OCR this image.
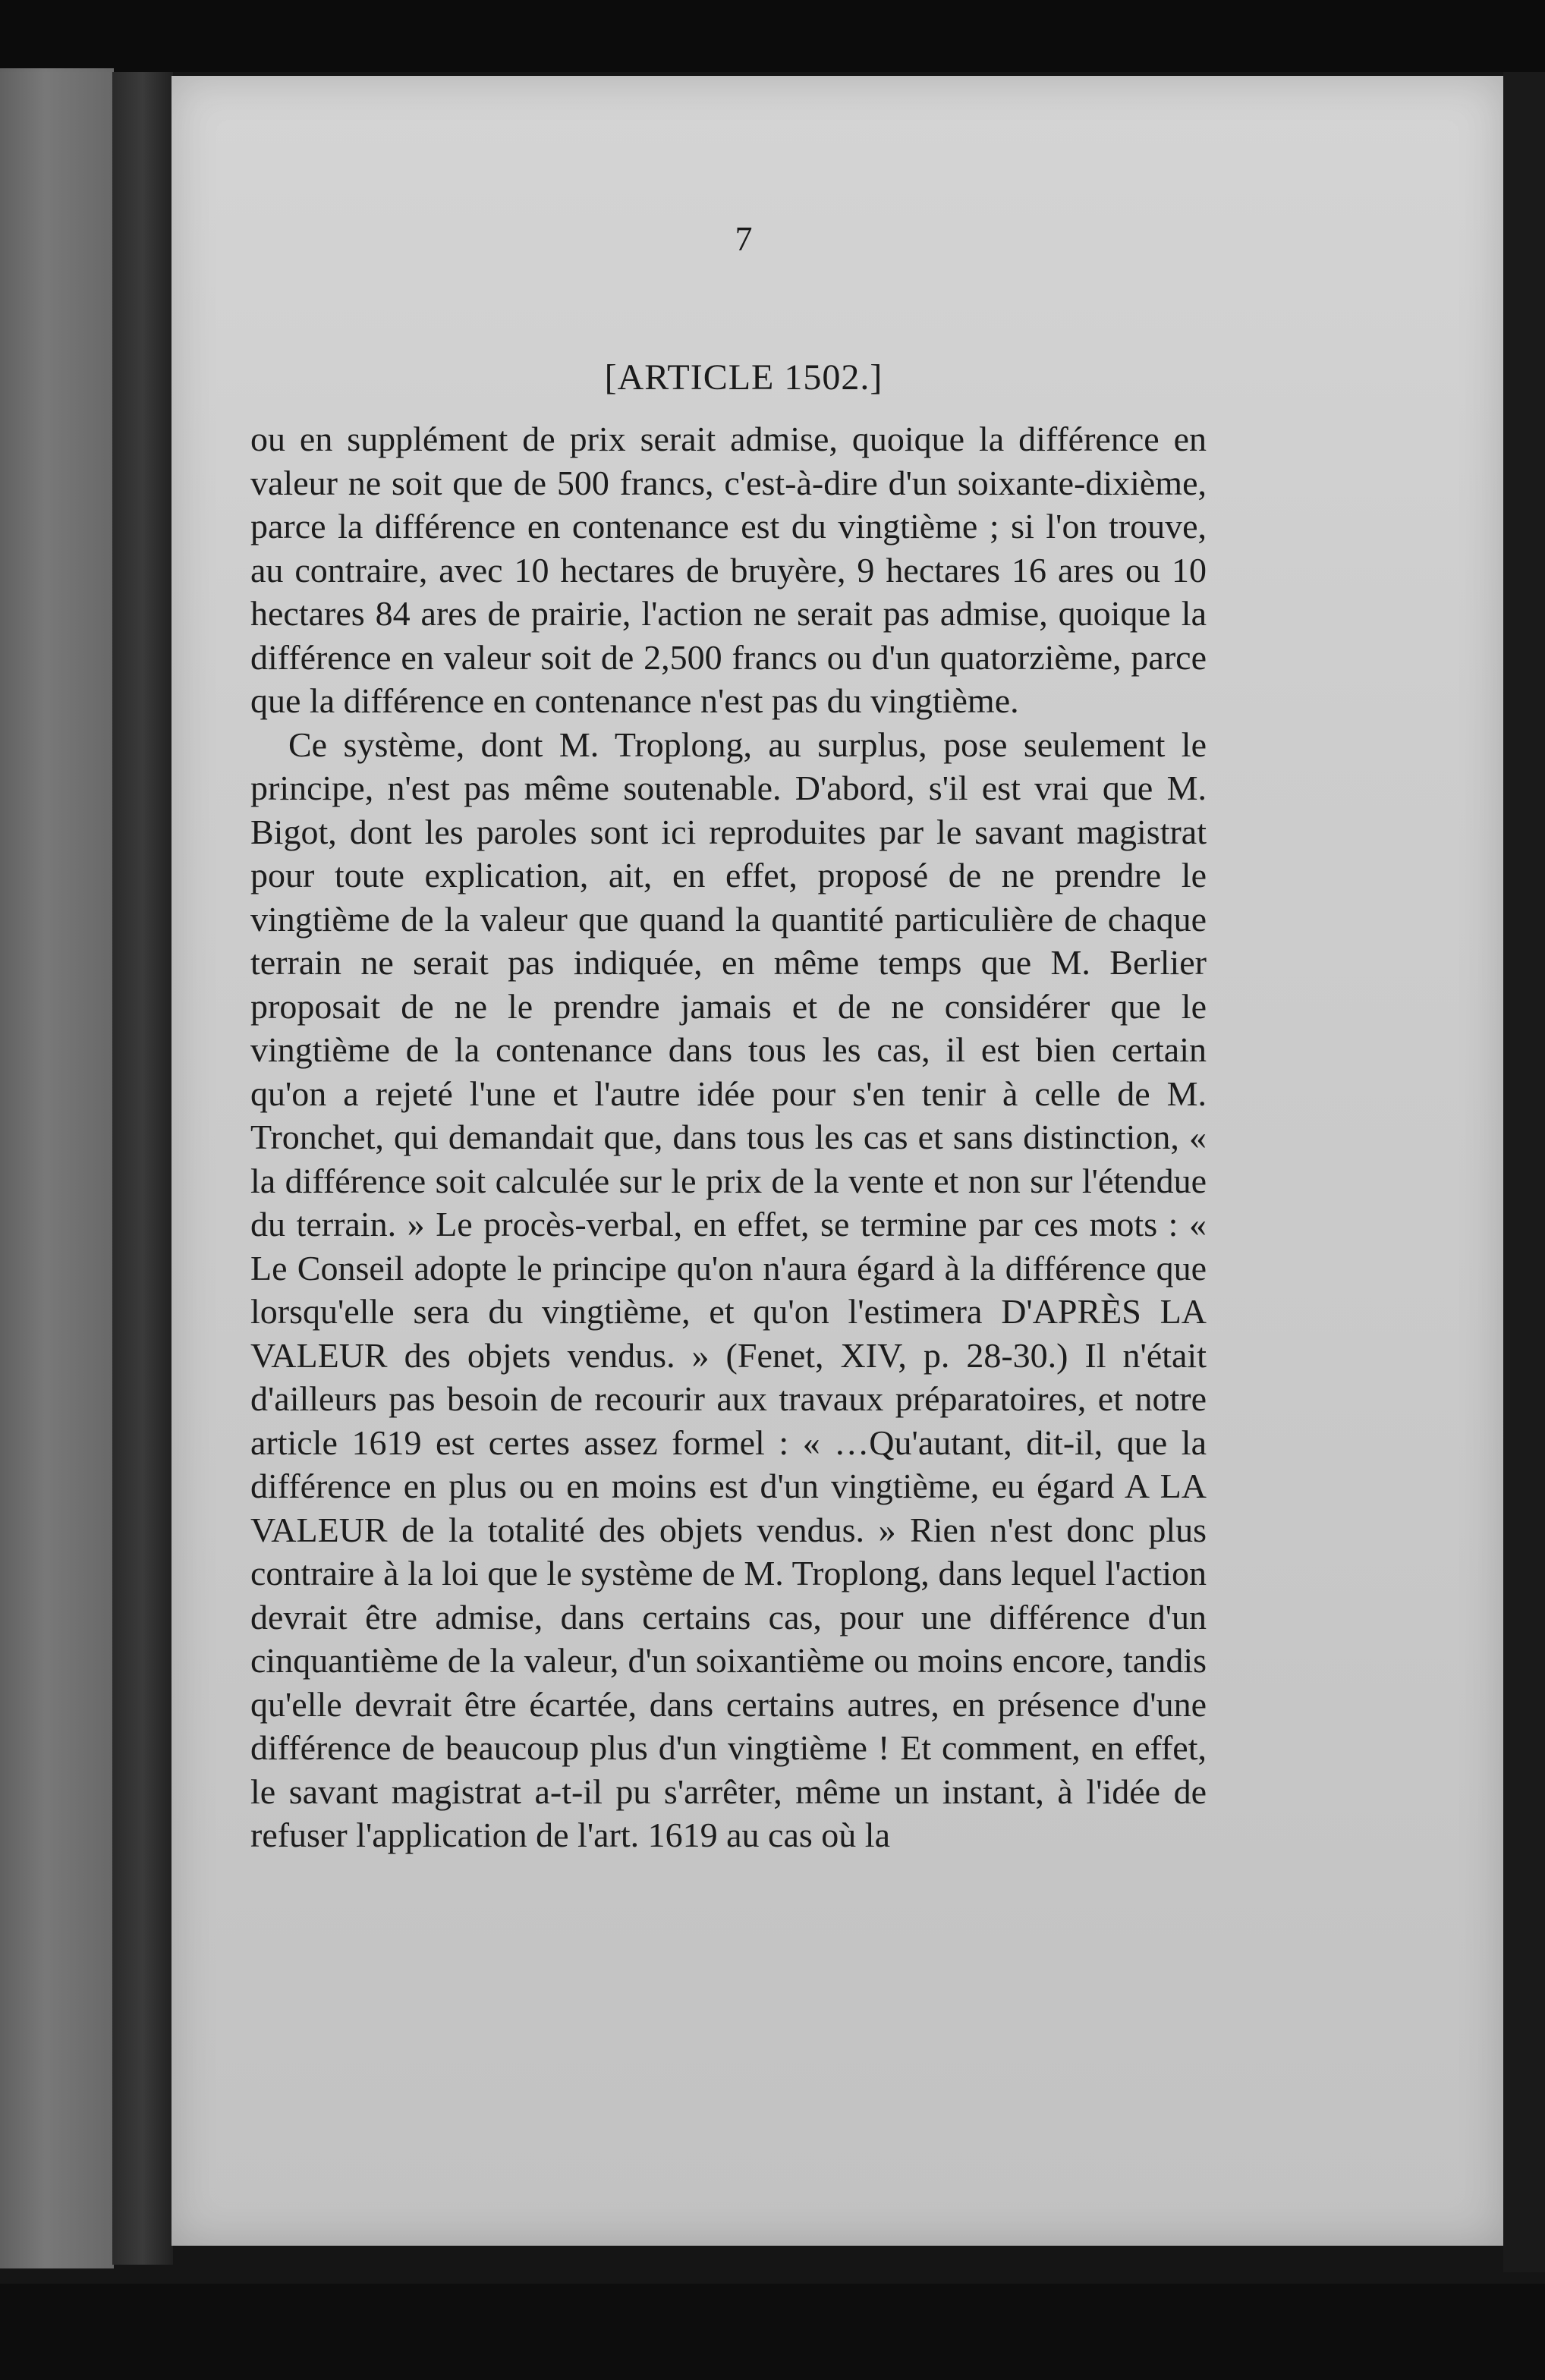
7

[ARTICLE 1502.]

ou en supplément de prix serait admise, quoique la différence en valeur ne soit que de 500 francs, c'est-à-dire d'un soixante-dixième, parce la différence en contenance est du vingtième ; si l'on trouve, au contraire, avec 10 hectares de bruyère, 9 hectares 16 ares ou 10 hectares 84 ares de prairie, l'action ne serait pas admise, quoique la différence en valeur soit de 2,500 francs ou d'un quatorzième, parce que la différence en contenance n'est pas du vingtième.

Ce système, dont M. Troplong, au surplus, pose seulement le principe, n'est pas même soutenable. D'abord, s'il est vrai que M. Bigot, dont les paroles sont ici reproduites par le savant magistrat pour toute explication, ait, en effet, proposé de ne prendre le vingtième de la valeur que quand la quantité particulière de chaque terrain ne serait pas indiquée, en même temps que M. Berlier proposait de ne le prendre jamais et de ne considérer que le vingtième de la contenance dans tous les cas, il est bien certain qu'on a rejeté l'une et l'autre idée pour s'en tenir à celle de M. Tronchet, qui demandait que, dans tous les cas et sans distinction, « la différence soit calculée sur le prix de la vente et non sur l'étendue du terrain. » Le procès-verbal, en effet, se termine par ces mots : « Le Conseil adopte le principe qu'on n'aura égard à la différence que lorsqu'elle sera du vingtième, et qu'on l'estimera D'APRÈS LA VALEUR des objets vendus. » (Fenet, XIV, p. 28-30.) Il n'était d'ailleurs pas besoin de recourir aux travaux préparatoires, et notre article 1619 est certes assez formel : « …Qu'autant, dit-il, que la différence en plus ou en moins est d'un vingtième, eu égard A LA VALEUR de la totalité des objets vendus. » Rien n'est donc plus contraire à la loi que le système de M. Troplong, dans lequel l'action devrait être admise, dans certains cas, pour une différence d'un cinquantième de la valeur, d'un soixantième ou moins encore, tandis qu'elle devrait être écartée, dans certains autres, en présence d'une différence de beaucoup plus d'un vingtième ! Et comment, en effet, le savant magistrat a-t-il pu s'arrêter, même un instant, à l'idée de refuser l'application de l'art. 1619 au cas où la
